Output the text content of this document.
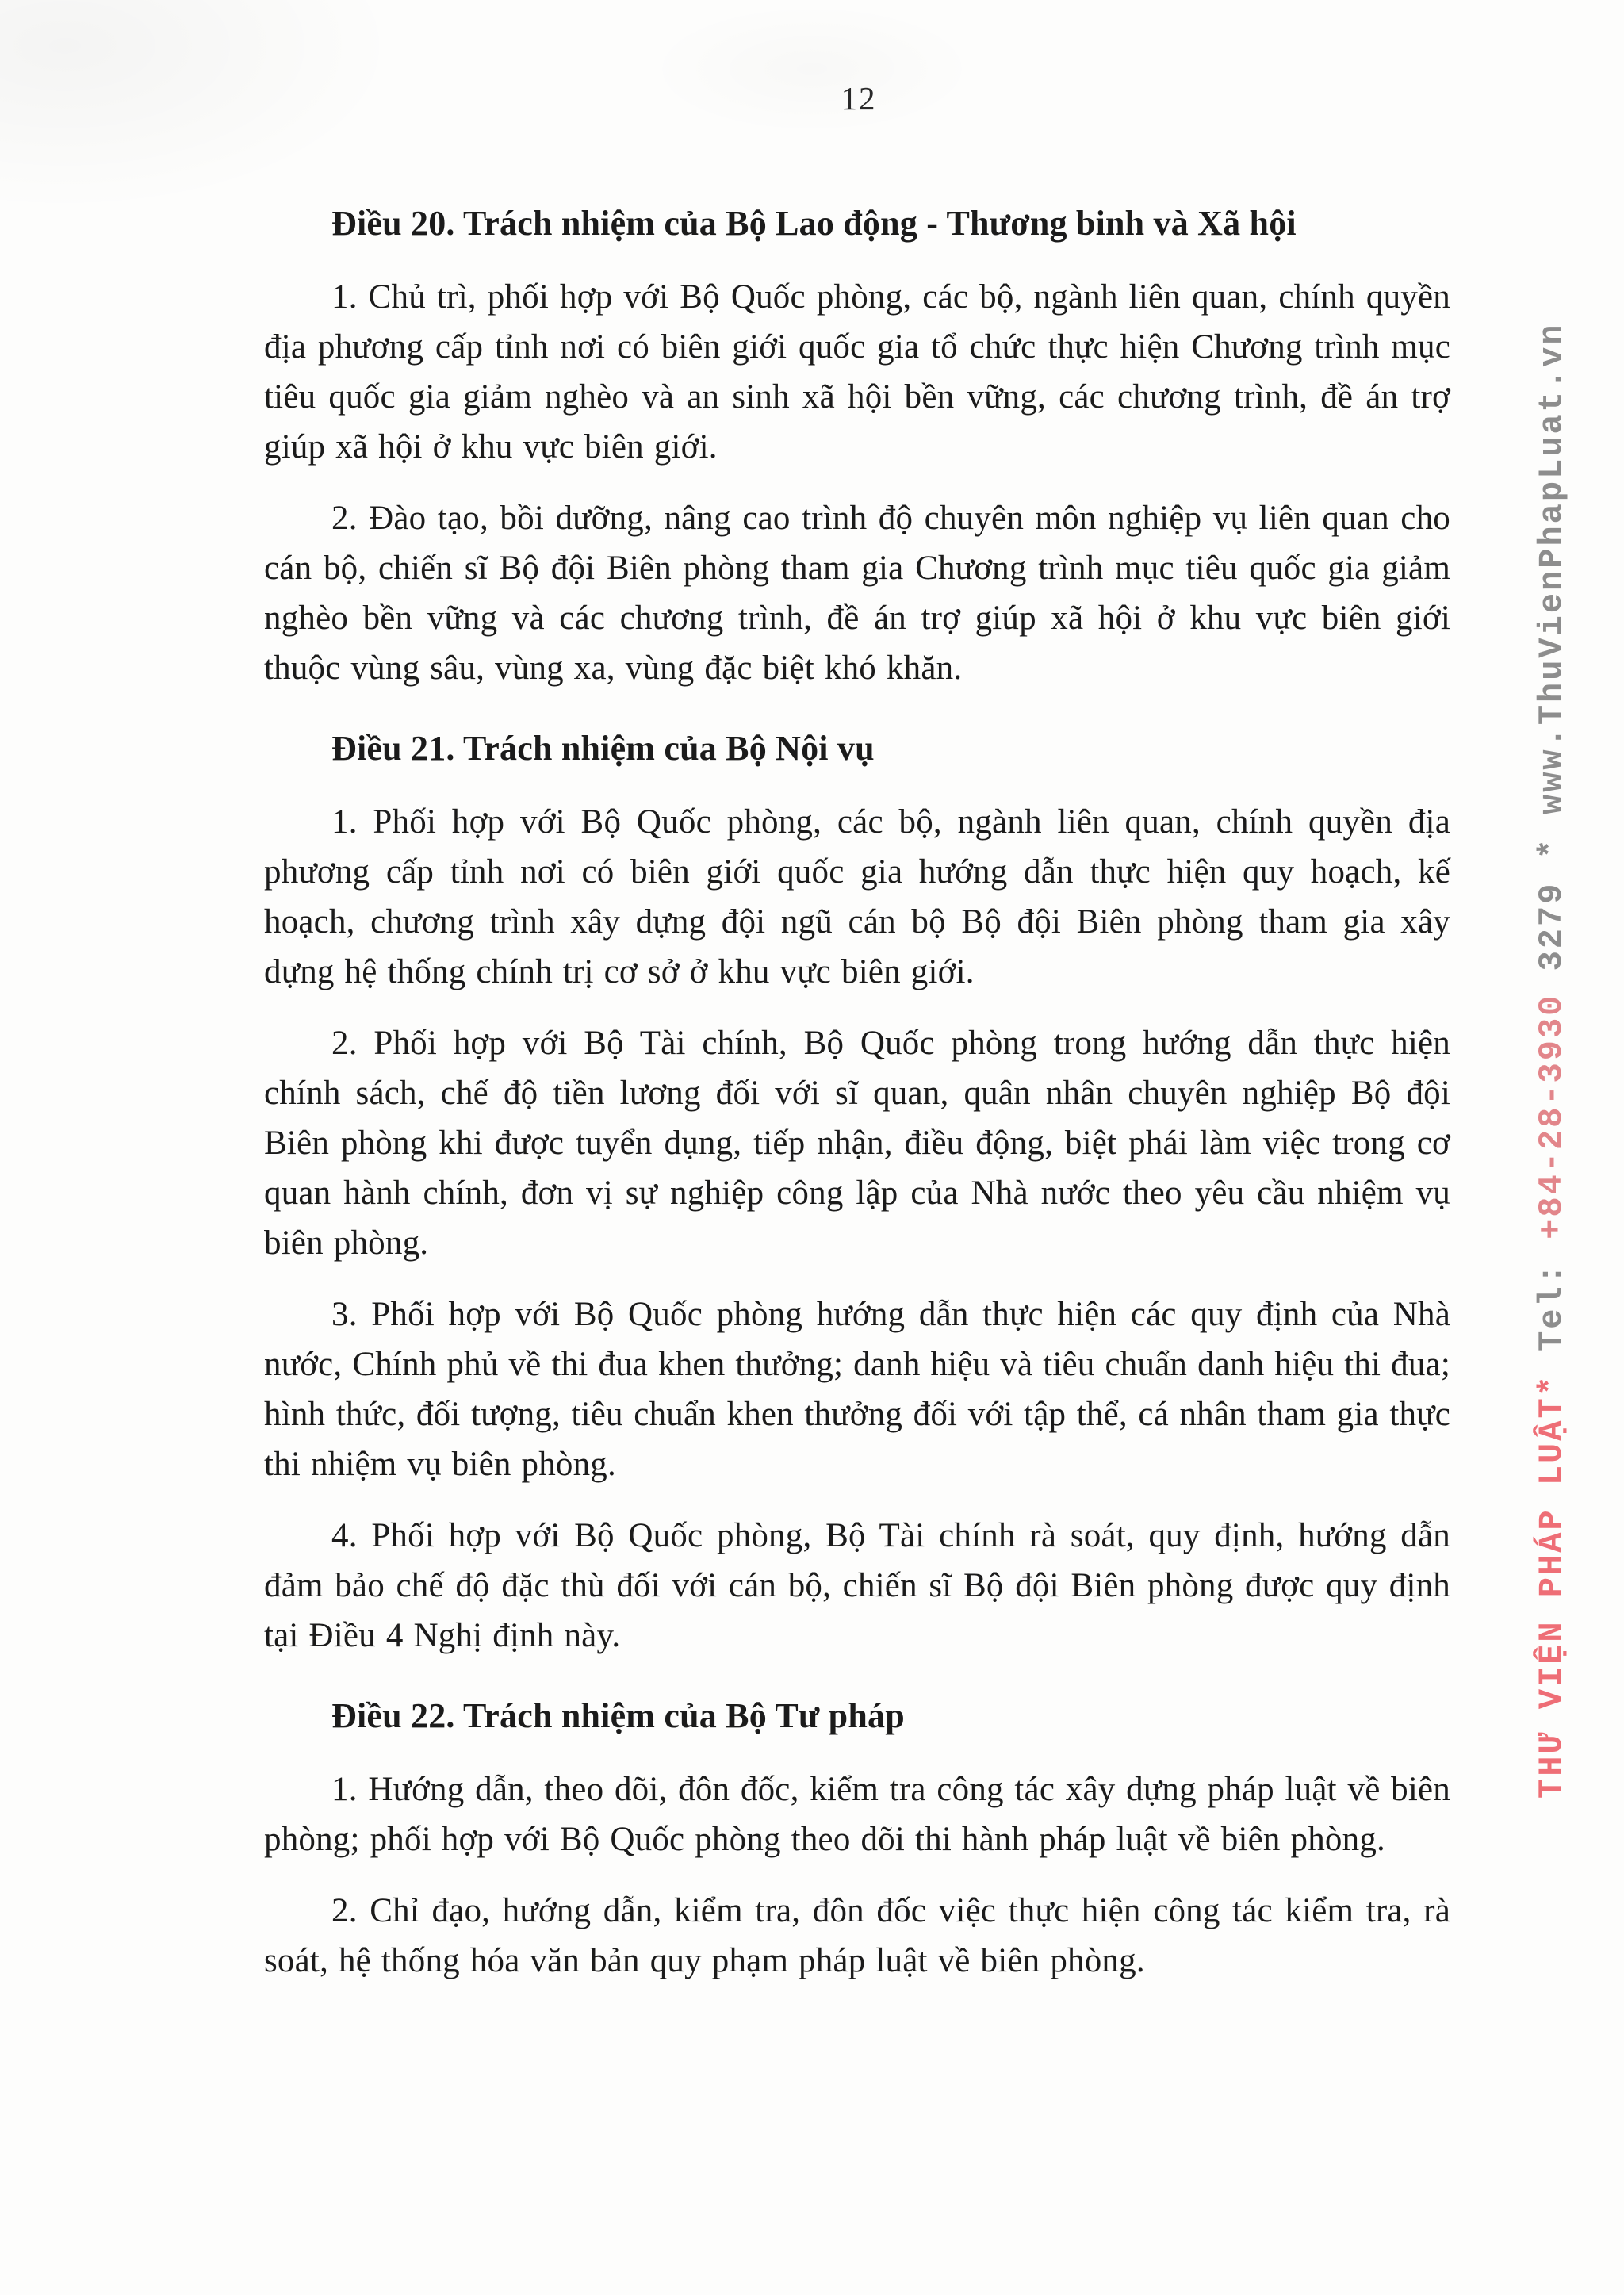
12
Điều 20. Trách nhiệm của Bộ Lao động - Thương binh và Xã hội

1. Chủ trì, phối hợp với Bộ Quốc phòng, các bộ, ngành liên quan, chính quyền địa phương cấp tỉnh nơi có biên giới quốc gia tổ chức thực hiện Chương trình mục tiêu quốc gia giảm nghèo và an sinh xã hội bền vững, các chương trình, đề án trợ giúp xã hội ở khu vực biên giới.

2. Đào tạo, bồi dưỡng, nâng cao trình độ chuyên môn nghiệp vụ liên quan cho cán bộ, chiến sĩ Bộ đội Biên phòng tham gia Chương trình mục tiêu quốc gia giảm nghèo bền vững và các chương trình, đề án trợ giúp xã hội ở khu vực biên giới thuộc vùng sâu, vùng xa, vùng đặc biệt khó khăn.

Điều 21. Trách nhiệm của Bộ Nội vụ

1. Phối hợp với Bộ Quốc phòng, các bộ, ngành liên quan, chính quyền địa phương cấp tỉnh nơi có biên giới quốc gia hướng dẫn thực hiện quy hoạch, kế hoạch, chương trình xây dựng đội ngũ cán bộ Bộ đội Biên phòng tham gia xây dựng hệ thống chính trị cơ sở ở khu vực biên giới.

2. Phối hợp với Bộ Tài chính, Bộ Quốc phòng trong hướng dẫn thực hiện chính sách, chế độ tiền lương đối với sĩ quan, quân nhân chuyên nghiệp Bộ đội Biên phòng khi được tuyển dụng, tiếp nhận, điều động, biệt phái làm việc trong cơ quan hành chính, đơn vị sự nghiệp công lập của Nhà nước theo yêu cầu nhiệm vụ biên phòng.

3. Phối hợp với Bộ Quốc phòng hướng dẫn thực hiện các quy định của Nhà nước, Chính phủ về thi đua khen thưởng; danh hiệu và tiêu chuẩn danh hiệu thi đua; hình thức, đối tượng, tiêu chuẩn khen thưởng đối với tập thể, cá nhân tham gia thực thi nhiệm vụ biên phòng.

4. Phối hợp với Bộ Quốc phòng, Bộ Tài chính rà soát, quy định, hướng dẫn đảm bảo chế độ đặc thù đối với cán bộ, chiến sĩ Bộ đội Biên phòng được quy định tại Điều 4 Nghị định này.

Điều 22. Trách nhiệm của Bộ Tư pháp

1. Hướng dẫn, theo dõi, đôn đốc, kiểm tra công tác xây dựng pháp luật về biên phòng; phối hợp với Bộ Quốc phòng theo dõi thi hành pháp luật về biên phòng.

2. Chỉ đạo, hướng dẫn, kiểm tra, đôn đốc việc thực hiện công tác kiểm tra, rà soát, hệ thống hóa văn bản quy phạm pháp luật về biên phòng.

THƯ VIỆN PHÁP LUẬT* Tel: +84-28-3930 3279 * www.ThuVienPhapLuat.vn
